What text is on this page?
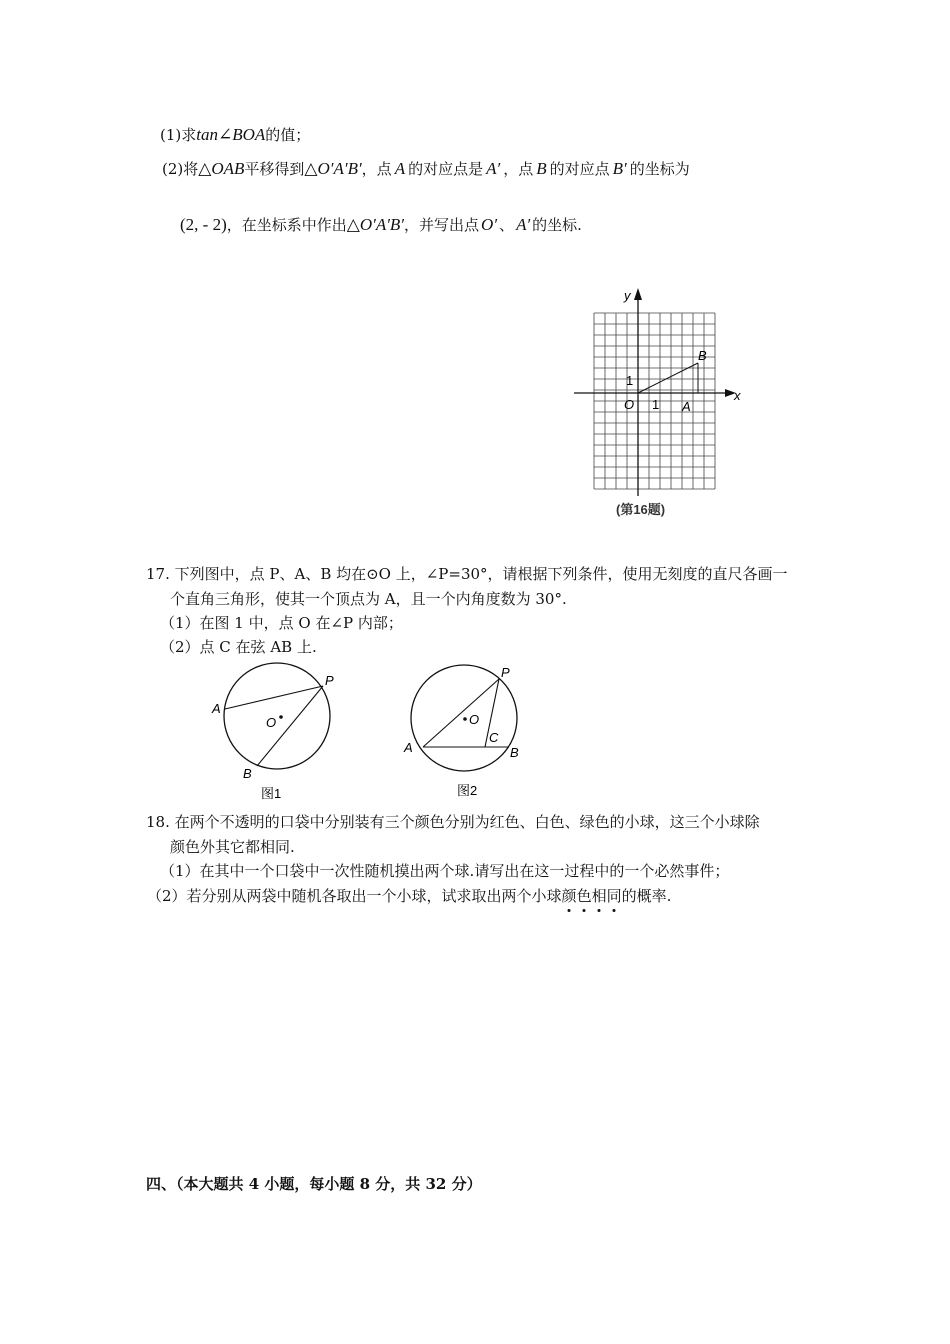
(1)求tan∠BOA的值；
(2)将△OAB平移得到△O′A′B′，点 A 的对应点是 A′ ，点 B 的对应点 B′ 的坐标为
(2, - 2)，在坐标系中作出△O′A′B′，并写出点 O′ 、 A′ 的坐标.
y
x
O 1
1
A
B
(第16题)
17. 下列图中，点 P、A、B 均在⊙O 上，∠P=30°，请根据下列条件，使用无刻度的直尺各画一
个直角三角形，使其一个顶点为 A，且一个内角度数为 30°.
（1）在图 1 中，点 O 在∠P 内部；
（2）点 C 在弦 AB 上.
A
P
B
O
图1
A
P
B
C
O
图2
18. 在两个不透明的口袋中分别装有三个颜色分别为红色、白色、绿色的小球，这三个小球除
颜色外其它都相同.
（1）在其中一个口袋中一次性随机摸出两个球.请写出在这一过程中的一个必然事件；
（2）若分别从两袋中随机各取出一个小球，试求取出两个小球颜色相同的概率.
四、（本大题共 4 小题，每小题 8 分，共 32 分）
